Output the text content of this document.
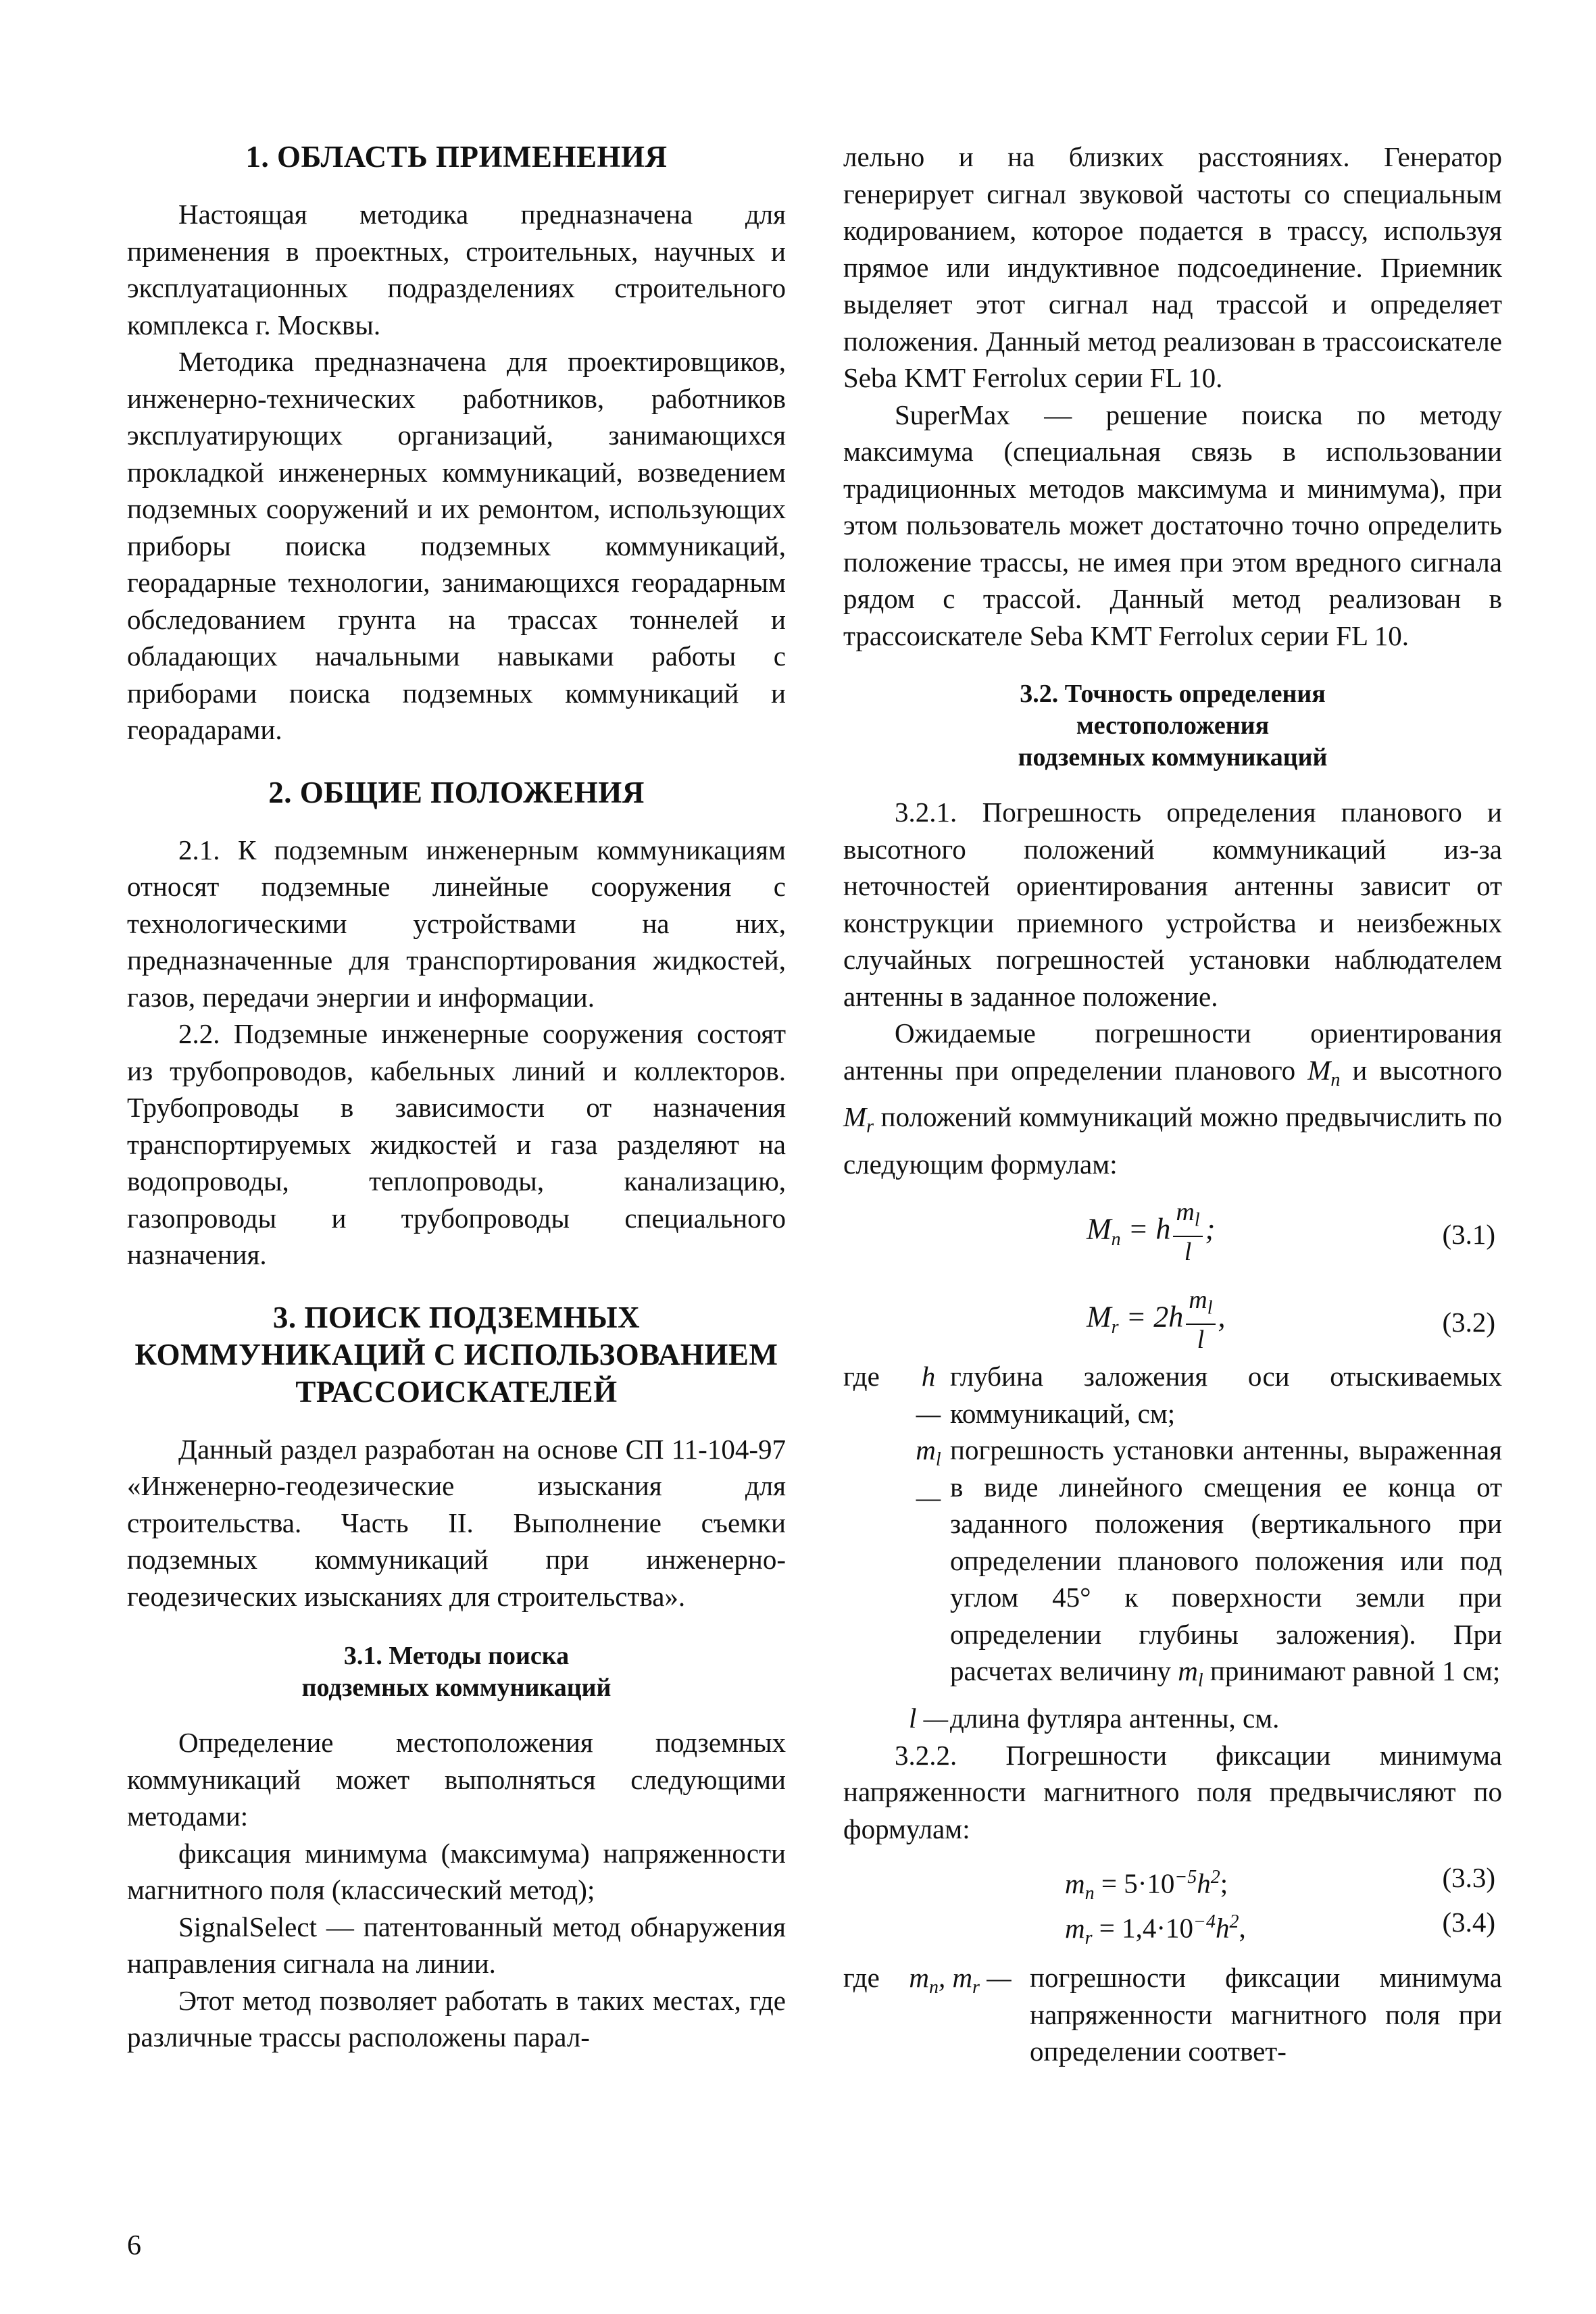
1. ОБЛАСТЬ ПРИМЕНЕНИЯ

Настоящая методика предназначена для применения в проектных, строительных, научных и эксплуатационных подразделениях строительного комплекса г. Москвы.

Методика предназначена для проектировщиков, инженерно-технических работников, работников эксплуатирующих организаций, занимающихся прокладкой инженерных коммуникаций, возведением подземных сооружений и их ремонтом, использующих приборы поиска подземных коммуникаций, георадарные технологии, занимающихся георадарным обследованием грунта на трассах тоннелей и обладающих начальными навыками работы с приборами поиска подземных коммуникаций и георадарами.

2. ОБЩИЕ ПОЛОЖЕНИЯ

2.1. К подземным инженерным коммуникациям относят подземные линейные сооружения с технологическими устройствами на них, предназначенные для транспортирования жидкостей, газов, передачи энергии и информации.

2.2. Подземные инженерные сооружения состоят из трубопроводов, кабельных линий и коллекторов. Трубопроводы в зависимости от назначения транспортируемых жидкостей и газа разделяют на водопроводы, теплопроводы, канализацию, газопроводы и трубопроводы специального назначения.

3. ПОИСК ПОДЗЕМНЫХ
КОММУНИКАЦИЙ С ИСПОЛЬЗОВАНИЕМ
ТРАССОИСКАТЕЛЕЙ

Данный раздел разработан на основе СП 11-104-97 «Инженерно-геодезические изыскания для строительства. Часть II. Выполнение съемки подземных коммуникаций при инженерно-геодезических изысканиях для строительства».

3.1. Методы поиска
подземных коммуникаций

Определение местоположения подземных коммуникаций может выполняться следующими методами:

фиксация минимума (максимума) напряженности магнитного поля (классический метод);

SignalSelect — патентованный метод обнаружения направления сигнала на линии.

Этот метод позволяет работать в таких местах, где различные трассы расположены парал-

лельно и на близких расстояниях. Генератор генерирует сигнал звуковой частоты со специальным кодированием, которое подается в трассу, используя прямое или индуктивное подсоединение. Приемник выделяет этот сигнал над трассой и определяет положения. Данный метод реализован в трассоискателе Seba KMT Ferrolux серии FL 10.

SuperMax — решение поиска по методу максимума (специальная связь в использовании традиционных методов максимума и минимума), при этом пользователь может достаточно точно определить положение трассы, не имея при этом вредного сигнала рядом с трассой. Данный метод реализован в трассоискателе Seba KMT Ferrolux серии FL 10.

3.2. Точность определения
местоположения
подземных коммуникаций

3.2.1. Погрешность определения планового и высотного положений коммуникаций из-за неточностей ориентирования антенны зависит от конструкции приемного устройства и неизбежных случайных погрешностей установки наблюдателем антенны в заданное положение.

Ожидаемые погрешности ориентирования антенны при определении планового $M_n$ и высотного $M_r$ положений коммуникаций можно предвычислить по следующим формулам:

$M_n = h \frac{m_l}{l}$ ;	(3.1)
$M_r = 2h \frac{m_l}{l}$ ,	(3.2)
где	h —
глубина заложения оси отыскиваемых коммуникаций, см;
$m_l$ —
погрешность установки антенны, выраженная в виде линейного смещения ее конца от заданного положения (вертикального при определении планового положения или под углом 45° к поверхности земли при определении глубины заложения). При расчетах величину $m_l$ принимают равной 1 см;
l — длина футляра антенны, см.

3.2.2. Погрешности фиксации минимума напряженности магнитного поля предвычисляют по формулам:

$m_n = 5\cdot 10^{-5}h^2$;	(3.3)
$m_r = 1,4\cdot 10^{-4}h^2$,	(3.4)
где	$m_n$, $m_r$ — погрешности фиксации минимума напряженности магнитного поля при определении соответ-
6
